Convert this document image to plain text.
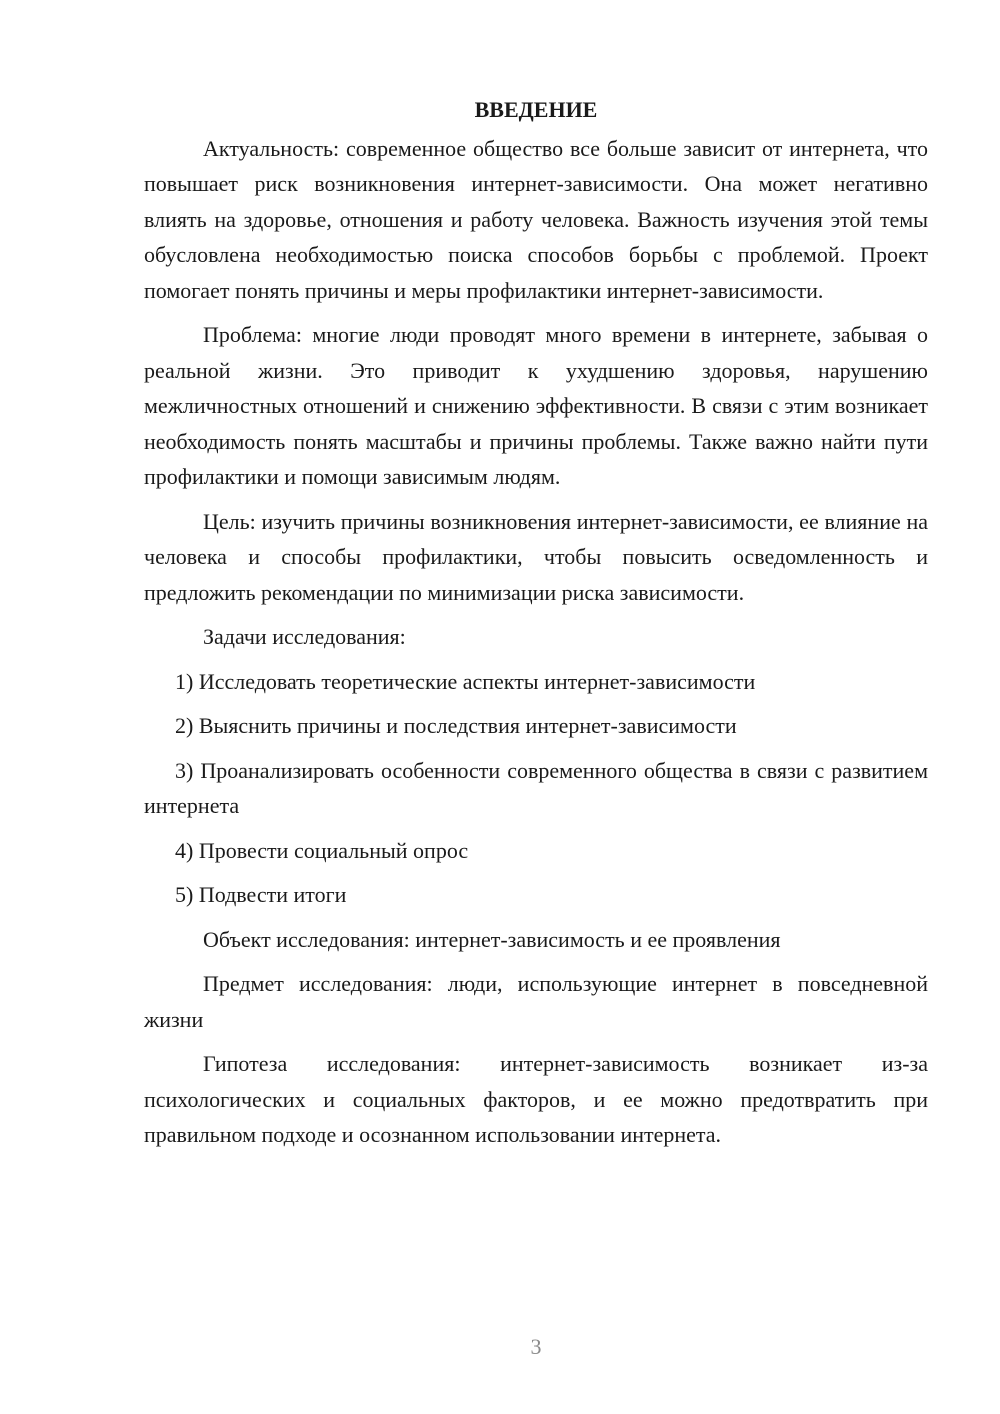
ВВЕДЕНИЕ

Актуальность: современное общество все больше зависит от интернета, что повышает риск возникновения интернет-зависимости. Она может негативно влиять на здоровье, отношения и работу человека. Важность изучения этой темы обусловлена необходимостью поиска способов борьбы с проблемой. Проект помогает понять причины и меры профилактики интернет-зависимости.

Проблема: многие люди проводят много времени в интернете, забывая о реальной жизни. Это приводит к ухудшению здоровья, нарушению межличностных отношений и снижению эффективности. В связи с этим возникает необходимость понять масштабы и причины проблемы. Также важно найти пути профилактики и помощи зависимым людям.

Цель: изучить причины возникновения интернет-зависимости, ее влияние на человека и способы профилактики, чтобы повысить осведомленность и предложить рекомендации по минимизации риска зависимости.

Задачи исследования:

1) Исследовать теоретические аспекты интернет-зависимости

2) Выяснить причины и последствия интернет-зависимости

3) Проанализировать особенности современного общества в связи с развитием интернета

4) Провести социальный опрос

5) Подвести итоги

Объект исследования: интернет-зависимость и ее проявления

Предмет исследования: люди, использующие интернет в повседневной жизни

Гипотеза исследования: интернет-зависимость возникает из-за психологических и социальных факторов, и ее можно предотвратить при правильном подходе и осознанном использовании интернета.

3
